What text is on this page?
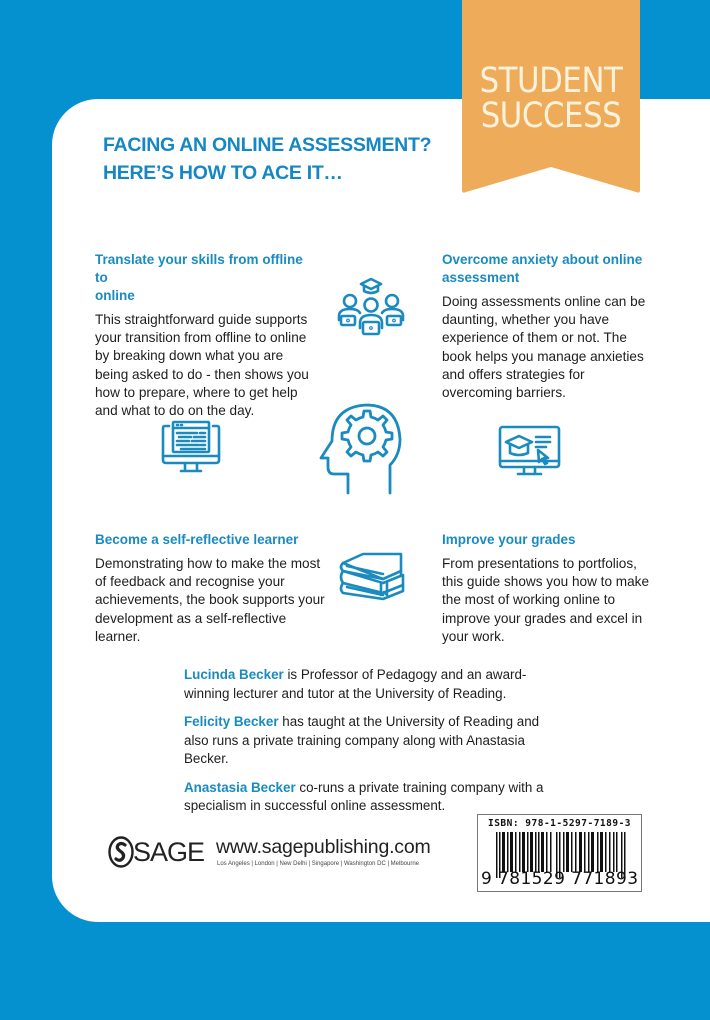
STUDENT
SUCCESS
FACING AN ONLINE ASSESSMENT?
HERE’S HOW TO ACE IT…
Translate your skills from offline to
online

This straightforward guide supports your transition from offline to online by breaking down what you are being asked to do - then shows you how to prepare, where to get help and what to do on the day.

Overcome anxiety about online
assessment

Doing assessments online can be daunting, whether you have experience of them or not. The book helps you manage anxieties and offers strategies for overcoming barriers.

Become a self-reflective learner

Demonstrating how to make the most of feedback and recognise your achievements, the book supports your development as a self-reflective learner.

Improve your grades

From presentations to portfolios, this guide shows you how to make the most of working online to improve your grades and excel in your work.

Lucinda Becker is Professor of Pedagogy and an award-winning lecturer and tutor at the University of Reading.
Felicity Becker has taught at the University of Reading and also runs a private training company along with Anastasia Becker.
Anastasia Becker co-runs a private training company with a specialism in successful online assessment.
SAGE www.sagepublishing.com
Los Angeles | London | New Delhi | Singapore | Washington DC | Melbourne
ISBN: 978-1-5297-7189-3
9 781529 771893
